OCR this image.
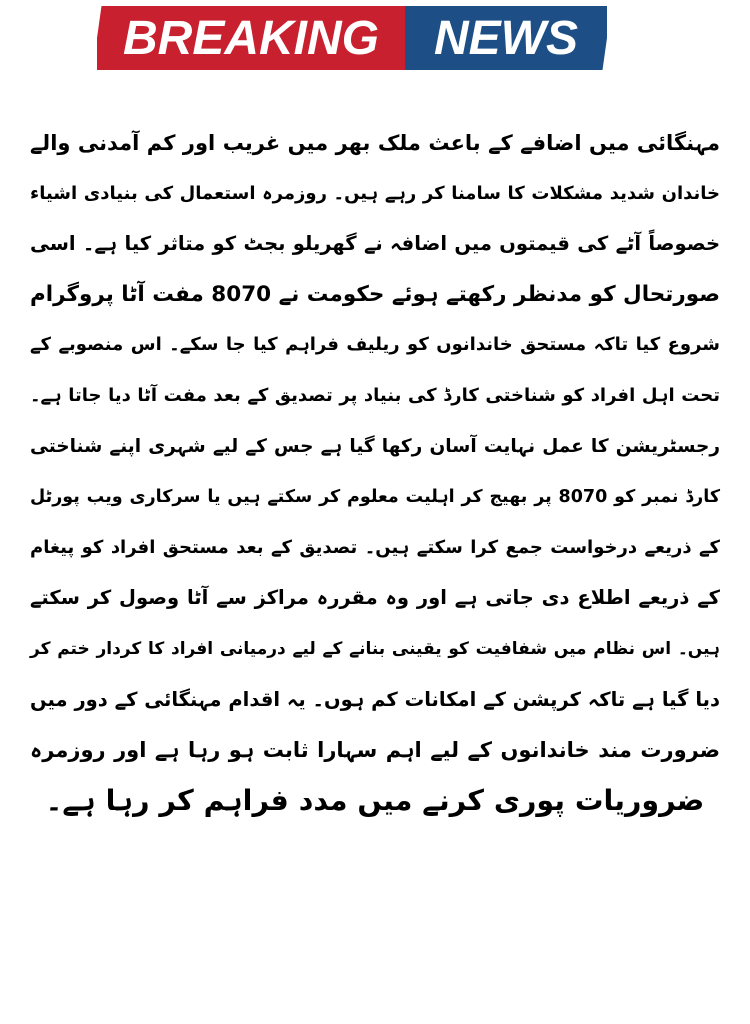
BREAKING	NEWS
مہنگائی میں اضافے کے باعث ملک بھر میں غریب اور کم آمدنی والے
خاندان شدید مشکلات کا سامنا کر رہے ہیں۔ روزمرہ استعمال کی بنیادی اشیاء
خصوصاً آٹے کی قیمتوں میں اضافہ نے گھریلو بجٹ کو متاثر کیا ہے۔ اسی
صورتحال کو مدنظر رکھتے ہوئے حکومت نے 8070 مفت آٹا پروگرام
شروع کیا تاکہ مستحق خاندانوں کو ریلیف فراہم کیا جا سکے۔ اس منصوبے کے
تحت اہل افراد کو شناختی کارڈ کی بنیاد پر تصدیق کے بعد مفت آٹا دیا جاتا ہے۔
رجسٹریشن کا عمل نہایت آسان رکھا گیا ہے جس کے لیے شہری اپنے شناختی
کارڈ نمبر کو 8070 پر بھیج کر اہلیت معلوم کر سکتے ہیں یا سرکاری ویب پورٹل
کے ذریعے درخواست جمع کرا سکتے ہیں۔ تصدیق کے بعد مستحق افراد کو پیغام
کے ذریعے اطلاع دی جاتی ہے اور وہ مقررہ مراکز سے آٹا وصول کر سکتے
ہیں۔ اس نظام میں شفافیت کو یقینی بنانے کے لیے درمیانی افراد کا کردار ختم کر
دیا گیا ہے تاکہ کرپشن کے امکانات کم ہوں۔ یہ اقدام مہنگائی کے دور میں
ضرورت مند خاندانوں کے لیے اہم سہارا ثابت ہو رہا ہے اور روزمرہ
ضروریات پوری کرنے میں مدد فراہم کر رہا ہے۔
